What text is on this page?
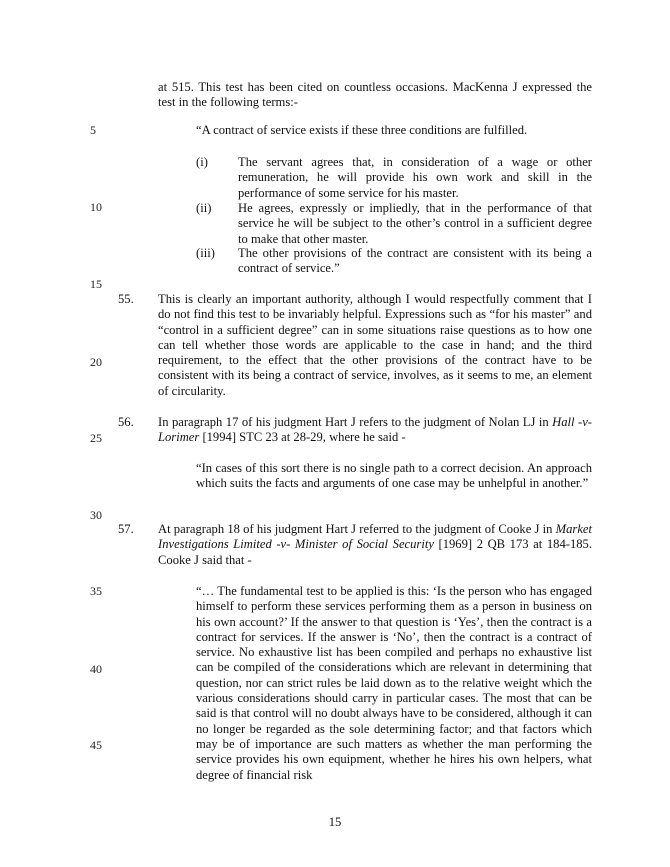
5
10
15
20
25
30
35
40
45

at 515. This test has been cited on countless occasions. MacKenna J expressed the test in the following terms:-

“A contract of service exists if these three conditions are fulfilled.

(i)	The servant agrees that, in consideration of a wage or other remuneration, he will provide his own work and skill in the performance of some service for his master.

(ii)	He agrees, expressly or impliedly, that in the performance of that service he will be subject to the other’s control in a sufficient degree to make that other master.

(iii)	The other provisions of the contract are consistent with its being a contract of service.”

55.	This is clearly an important authority, although I would respectfully comment that I do not find this test to be invariably helpful. Expressions such as “for his master” and “control in a sufficient degree” can in some situations raise questions as to how one can tell whether those words are applicable to the case in hand; and the third requirement, to the effect that the other provisions of the contract have to be consistent with its being a contract of service, involves, as it seems to me, an element of circularity.

56.	In paragraph 17 of his judgment Hart J refers to the judgment of Nolan LJ in Hall -v- Lorimer [1994] STC 23 at 28-29, where he said -

“In cases of this sort there is no single path to a correct decision. An approach which suits the facts and arguments of one case may be unhelpful in another.”

57.	At paragraph 18 of his judgment Hart J referred to the judgment of Cooke J in Market Investigations Limited -v- Minister of Social Security [1969] 2 QB 173 at 184-185. Cooke J said that -

“… The fundamental test to be applied is this: ‘Is the person who has engaged himself to perform these services performing them as a person in business on his own account?’ If the answer to that question is ‘Yes’, then the contract is a contract for services. If the answer is ‘No’, then the contract is a contract of service. No exhaustive list has been compiled and perhaps no exhaustive list can be compiled of the considerations which are relevant in determining that question, nor can strict rules be laid down as to the relative weight which the various considerations should carry in particular cases. The most that can be said is that control will no doubt always have to be considered, although it can no longer be regarded as the sole determining factor; and that factors which may be of importance are such matters as whether the man performing the service provides his own equipment, whether he hires his own helpers, what degree of financial risk

15
